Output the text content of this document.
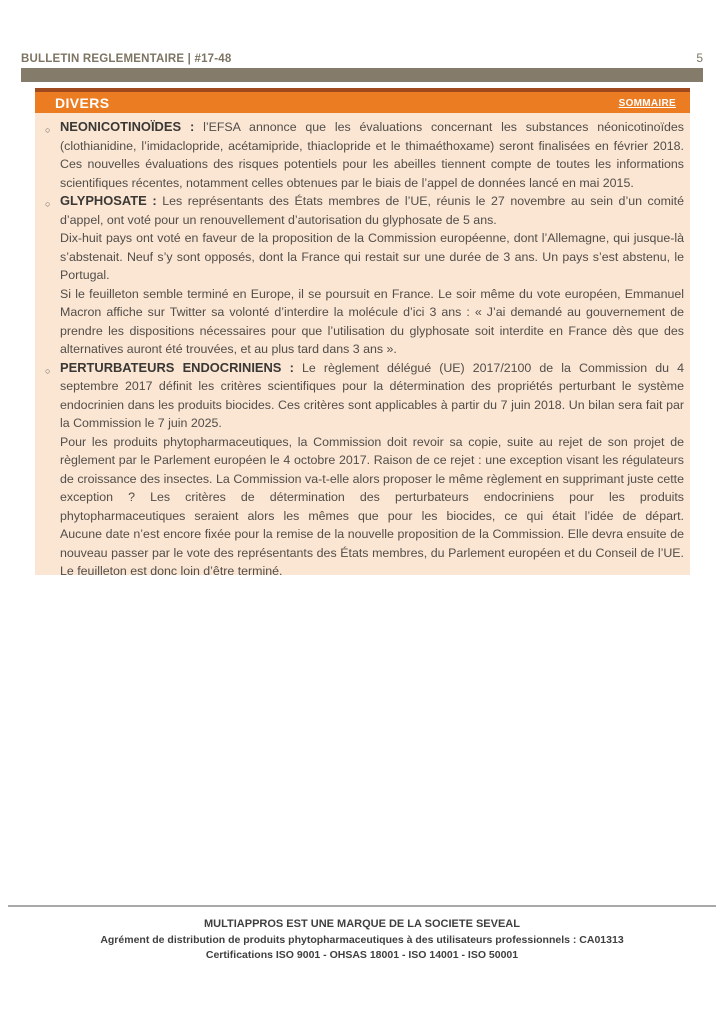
BULLETIN REGLEMENTAIRE | #17-48	5
DIVERS	SOMMAIRE
○ NEONICOTINOÏDES : l’EFSA annonce que les évaluations concernant les substances néonicotinoïdes (clothianidine, l’imidaclopride, acétamipride, thiaclopride et le thimaéthoxame) seront finalisées en février 2018. Ces nouvelles évaluations des risques potentiels pour les abeilles tiennent compte de toutes les informations scientifiques récentes, notamment celles obtenues par le biais de l’appel de données lancé en mai 2015.

○ GLYPHOSATE : Les représentants des États membres de l’UE, réunis le 27 novembre au sein d’un comité d’appel, ont voté pour un renouvellement d’autorisation du glyphosate de 5 ans.

Dix-huit pays ont voté en faveur de la proposition de la Commission européenne, dont l’Allemagne, qui jusque-là s’abstenait. Neuf s’y sont opposés, dont la France qui restait sur une durée de 3 ans. Un pays s’est abstenu, le Portugal.

Si le feuilleton semble terminé en Europe, il se poursuit en France. Le soir même du vote européen, Emmanuel Macron affiche sur Twitter sa volonté d’interdire la molécule d’ici 3 ans : « J’ai demandé au gouvernement de prendre les dispositions nécessaires pour que l’utilisation du glyphosate soit interdite en France dès que des alternatives auront été trouvées, et au plus tard dans 3 ans ».

○ PERTURBATEURS ENDOCRINIENS : Le règlement délégué (UE) 2017/2100 de la Commission du 4 septembre 2017 définit les critères scientifiques pour la détermination des propriétés perturbant le système endocrinien dans les produits biocides. Ces critères sont applicables à partir du 7 juin 2018. Un bilan sera fait par la Commission le 7 juin 2025.

Pour les produits phytopharmaceutiques, la Commission doit revoir sa copie, suite au rejet de son projet de règlement par le Parlement européen le 4 octobre 2017. Raison de ce rejet : une exception visant les régulateurs de croissance des insectes. La Commission va-t-elle alors proposer le même règlement en supprimant juste cette exception ? Les critères de détermination des perturbateurs endocriniens pour les produits phytopharmaceutiques seraient alors les mêmes que pour les biocides, ce qui était l’idée de départ.

Aucune date n’est encore fixée pour la remise de la nouvelle proposition de la Commission. Elle devra ensuite de nouveau passer par le vote des représentants des États membres, du Parlement européen et du Conseil de l’UE. Le feuilleton est donc loin d’être terminé.

MULTIAPPROS EST UNE MARQUE DE LA SOCIETE SEVEAL
Agrément de distribution de produits phytopharmaceutiques à des utilisateurs professionnels : CA01313
Certifications ISO 9001 - OHSAS 18001 - ISO 14001 - ISO 50001
